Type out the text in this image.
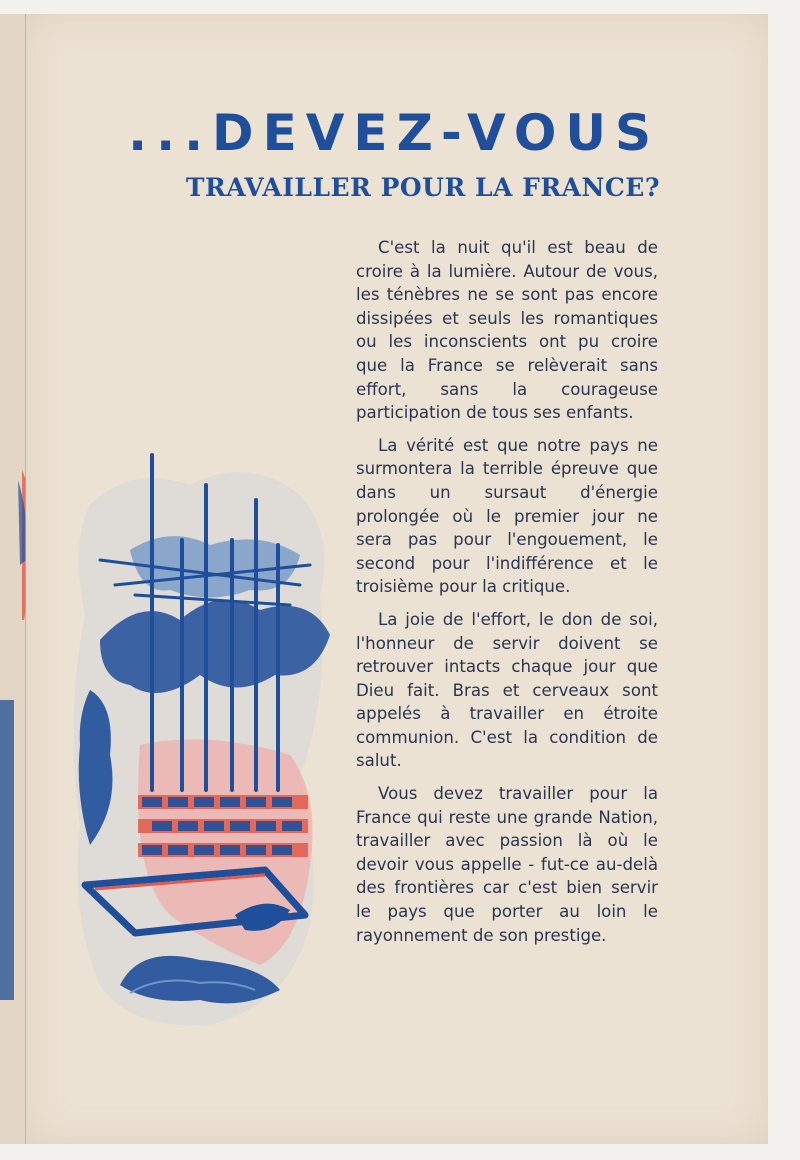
...DEVEZ-VOUS
TRAVAILLER POUR LA FRANCE?

C'est la nuit qu'il est beau de croire à la lumière. Autour de vous, les ténèbres ne se sont pas encore dissipées et seuls les romantiques ou les inconscients ont pu croire que la France se relèverait sans effort, sans la courageuse participation de tous ses enfants.

La vérité est que notre pays ne surmontera la terrible épreuve que dans un sursaut d'énergie prolongée où le premier jour ne sera pas pour l'engouement, le second pour l'indifférence et le troisième pour la critique.

La joie de l'effort, le don de soi, l'honneur de servir doivent se retrouver intacts chaque jour que Dieu fait. Bras et cerveaux sont appelés à travailler en étroite communion. C'est la condition de salut.

Vous devez travailler pour la France qui reste une grande Nation, travailler avec passion là où le devoir vous appelle - fut-ce au-delà des frontières car c'est bien servir le pays que porter au loin le rayonnement de son prestige.
